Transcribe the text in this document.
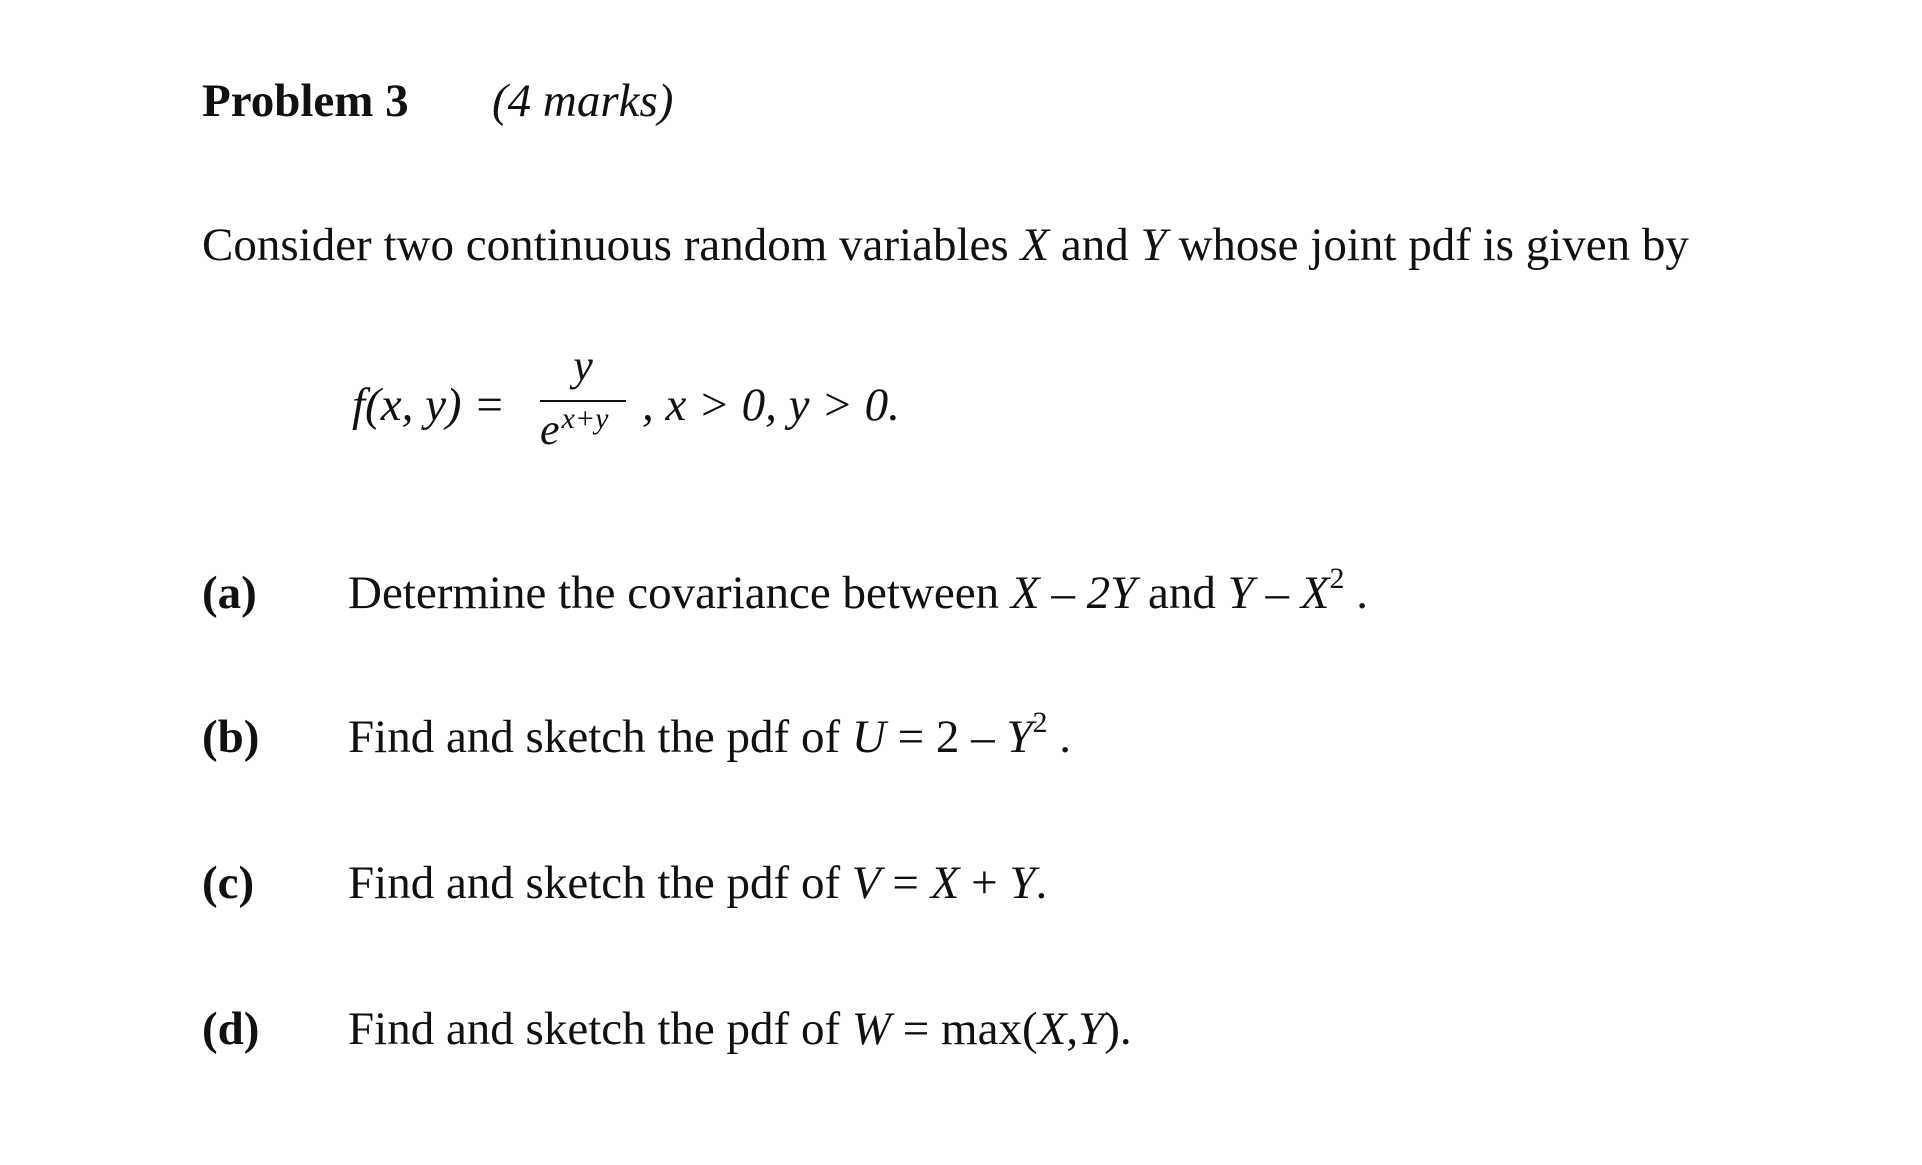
Problem 3 (4 marks)
Consider two continuous random variables X and Y whose joint pdf is given by
f(x, y) =
y
$e^{x+y}$ , x > 0, y > 0.
(a) Determine the covariance between X – 2Y and Y – $X^2$ .
(b) Find and sketch the pdf of $U = 2 - Y^2$ .
(c) Find and sketch the pdf of V = X + Y.
(d) Find and sketch the pdf of W = max(X,Y).
